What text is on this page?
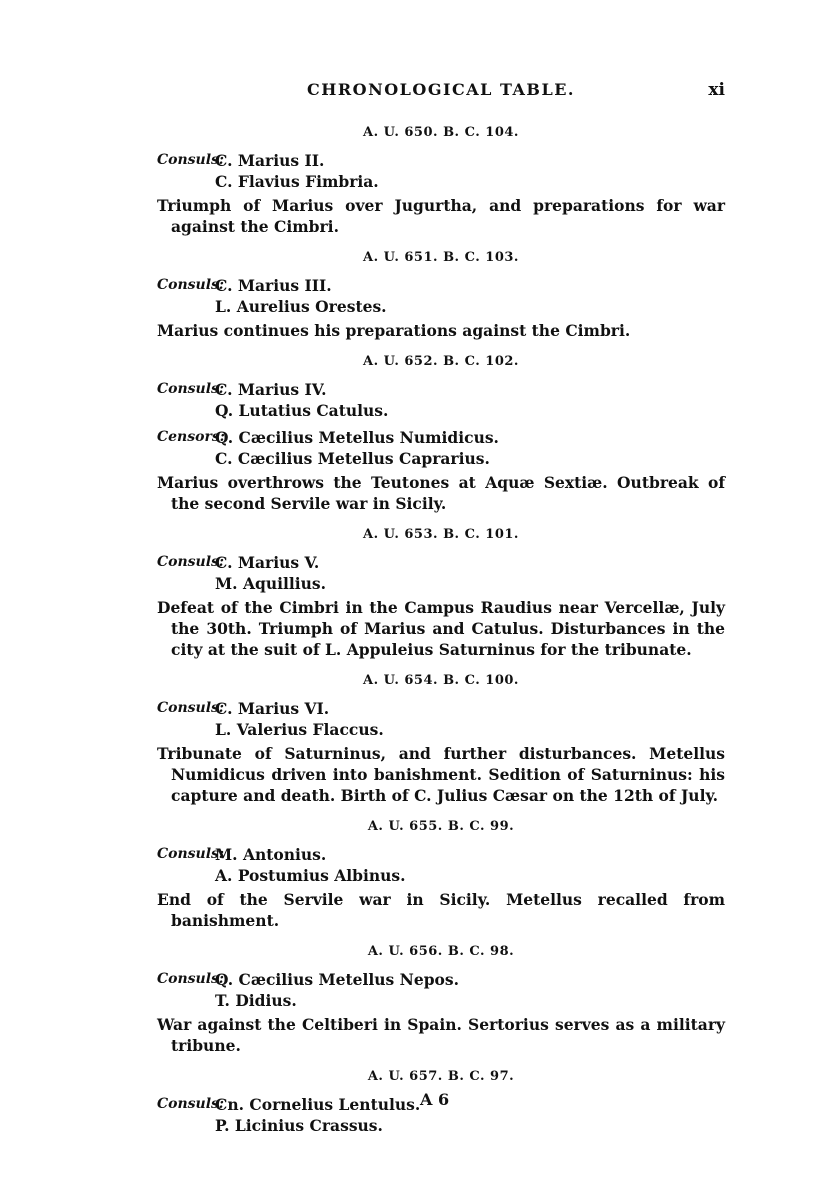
CHRONOLOGICAL TABLE.	xi
A. U. 650. B. C. 104.
Consuls:
C. Marius II.
C. Flavius Fimbria.

Triumph of Marius over Jugurtha, and preparations for war against the Cimbri.

A. U. 651. B. C. 103.
Consuls:
C. Marius III.
L. Aurelius Orestes.

Marius continues his preparations against the Cimbri.

A. U. 652. B. C. 102.
Consuls:
C. Marius IV.
Q. Lutatius Catulus.
Censors:
Q. Cæcilius Metellus Numidicus.
C. Cæcilius Metellus Caprarius.

Marius overthrows the Teutones at Aquæ Sextiæ. Outbreak of the second Servile war in Sicily.

A. U. 653. B. C. 101.
Consuls:
C. Marius V.
M. Aquillius.

Defeat of the Cimbri in the Campus Raudius near Vercellæ, July the 30th. Triumph of Marius and Catulus. Disturbances in the city at the suit of L. Appuleius Saturninus for the tribunate.

A. U. 654. B. C. 100.
Consuls:
C. Marius VI.
L. Valerius Flaccus.

Tribunate of Saturninus, and further disturbances. Metellus Numidicus driven into banishment. Sedition of Saturninus: his capture and death. Birth of C. Julius Cæsar on the 12th of July.

A. U. 655. B. C. 99.
Consuls:
M. Antonius.
A. Postumius Albinus.

End of the Servile war in Sicily. Metellus recalled from banishment.

A. U. 656. B. C. 98.
Consuls:
Q. Cæcilius Metellus Nepos.
T. Didius.

War against the Celtiberi in Spain. Sertorius serves as a military tribune.

A. U. 657. B. C. 97.
Consuls:
Cn. Cornelius Lentulus.
P. Licinius Crassus.
A 6
